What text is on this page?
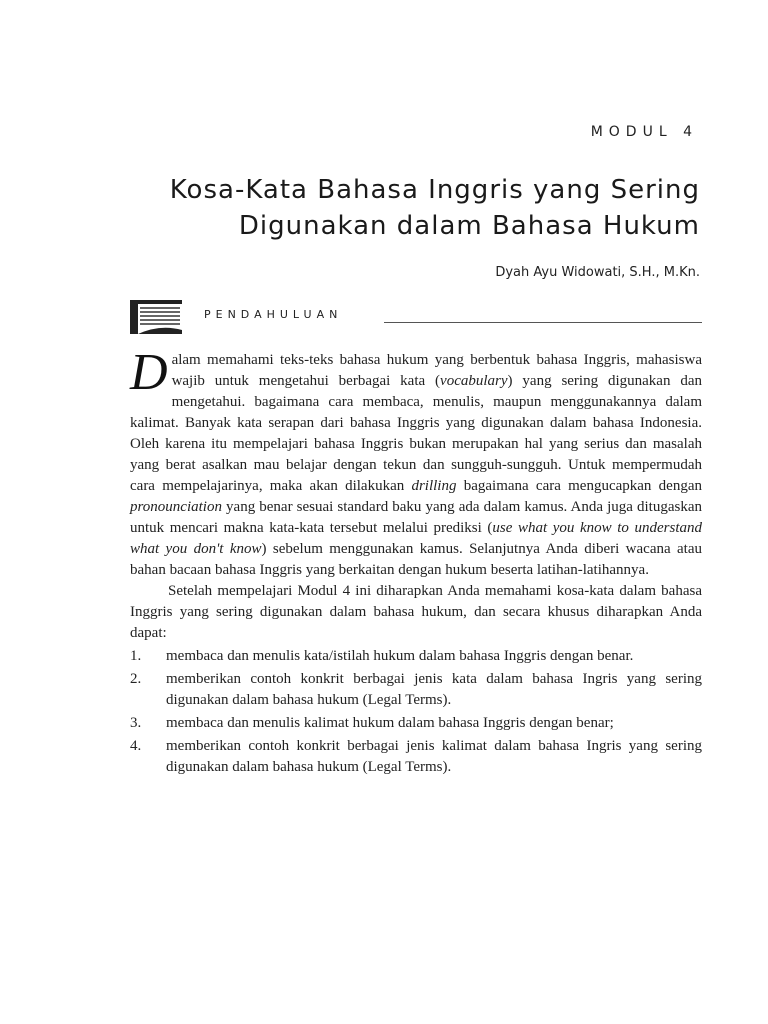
MODUL 4
Kosa-Kata Bahasa Inggris yang Sering
Digunakan dalam Bahasa Hukum
Dyah Ayu Widowati, S.H., M.Kn.
PENDAHULUAN

Dalam memahami teks-teks bahasa hukum yang berbentuk bahasa Inggris, mahasiswa wajib untuk mengetahui berbagai kata (vocabulary) yang sering digunakan dan mengetahui. bagaimana cara membaca, menulis, maupun menggunakannya dalam kalimat. Banyak kata serapan dari bahasa Inggris yang digunakan dalam bahasa Indonesia. Oleh karena itu mempelajari bahasa Inggris bukan merupakan hal yang serius dan masalah yang berat asalkan mau belajar dengan tekun dan sungguh-sungguh. Untuk mempermudah cara mempelajarinya, maka akan dilakukan drilling bagaimana cara mengucapkan dengan pronounciation yang benar sesuai standard baku yang ada dalam kamus. Anda juga ditugaskan untuk mencari makna kata-kata tersebut melalui prediksi (use what you know to understand what you don't know) sebelum menggunakan kamus. Selanjutnya Anda diberi wacana atau bahan bacaan bahasa Inggris yang berkaitan dengan hukum beserta latihan-latihannya.

Setelah mempelajari Modul 4 ini diharapkan Anda memahami kosa-kata dalam bahasa Inggris yang sering digunakan dalam bahasa hukum, dan secara khusus diharapkan Anda dapat:

1. membaca dan menulis kata/istilah hukum dalam bahasa Inggris dengan benar.
2. memberikan contoh konkrit berbagai jenis kata dalam bahasa Ingris yang sering digunakan dalam bahasa hukum (Legal Terms).
3. membaca dan menulis kalimat hukum dalam bahasa Inggris dengan benar;
4. memberikan contoh konkrit berbagai jenis kalimat dalam bahasa Ingris yang sering digunakan dalam bahasa hukum (Legal Terms).
